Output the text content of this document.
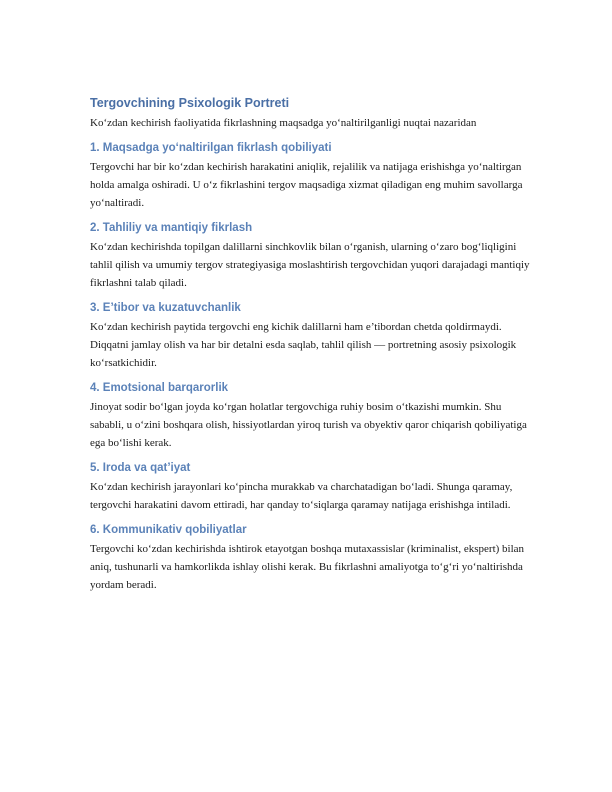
Tergovchining Psixologik Portreti

Ko‘zdan kechirish faoliyatida fikrlashning maqsadga yo‘naltirilganligi nuqtai nazaridan

1. Maqsadga yo‘naltirilgan fikrlash qobiliyati

Tergovchi har bir ko‘zdan kechirish harakatini aniqlik, rejalilik va natijaga erishishga yo‘naltirgan holda amalga oshiradi. U o‘z fikrlashini tergov maqsadiga xizmat qiladigan eng muhim savollarga yo‘naltiradi.

2. Tahliliy va mantiqiy fikrlash

Ko‘zdan kechirishda topilgan dalillarni sinchkovlik bilan o‘rganish, ularning o‘zaro bog‘liqligini tahlil qilish va umumiy tergov strategiyasiga moslashtirish tergovchidan yuqori darajadagi mantiqiy fikrlashni talab qiladi.

3. E’tibor va kuzatuvchanlik

Ko‘zdan kechirish paytida tergovchi eng kichik dalillarni ham e’tibordan chetda qoldirmaydi. Diqqatni jamlay olish va har bir detalni esda saqlab, tahlil qilish — portretning asosiy psixologik ko‘rsatkichidir.

4. Emotsional barqarorlik

Jinoyat sodir bo‘lgan joyda ko‘rgan holatlar tergovchiga ruhiy bosim o‘tkazishi mumkin. Shu sababli, u o‘zini boshqara olish, hissiyotlardan yiroq turish va obyektiv qaror chiqarish qobiliyatiga ega bo‘lishi kerak.

5. Iroda va qat’iyat

Ko‘zdan kechirish jarayonlari ko‘pincha murakkab va charchatadigan bo‘ladi. Shunga qaramay, tergovchi harakatini davom ettiradi, har qanday to‘siqlarga qaramay natijaga erishishga intiladi.

6. Kommunikativ qobiliyatlar

Tergovchi ko‘zdan kechirishda ishtirok etayotgan boshqa mutaxassislar (kriminalist, ekspert) bilan aniq, tushunarli va hamkorlikda ishlay olishi kerak. Bu fikrlashni amaliyotga to‘g‘ri yo‘naltirishda yordam beradi.
